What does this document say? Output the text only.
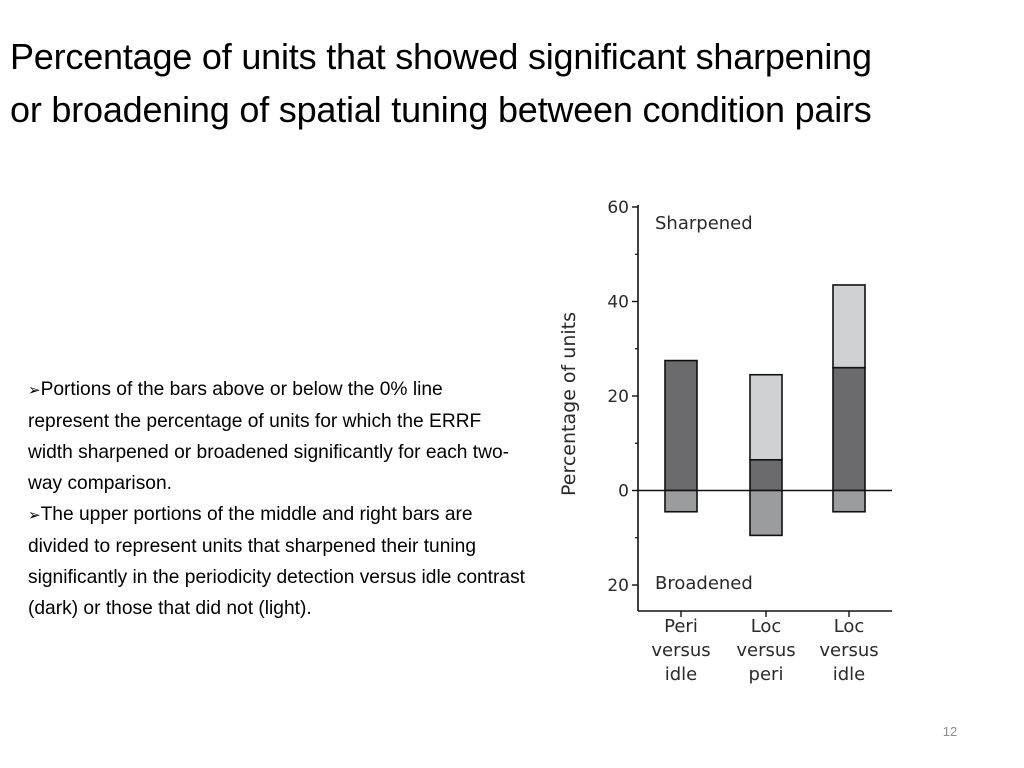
Percentage of units that showed significant sharpening
or broadening of spatial tuning between condition pairs

➢Portions of the bars above or below the 0% line represent the percentage of units for which the ERRF width sharpened or broadened significantly for each two-way comparison.

➢The upper portions of the middle and right bars are divided to represent units that sharpened their tuning significantly in the periodicity detection versus idle contrast (dark) or those that did not (light).

60
40
20
0
20
Percentage of units
Sharpened
Broadened
Peri
versus
idle
Loc
versus
peri
Loc
versus
idle
12
